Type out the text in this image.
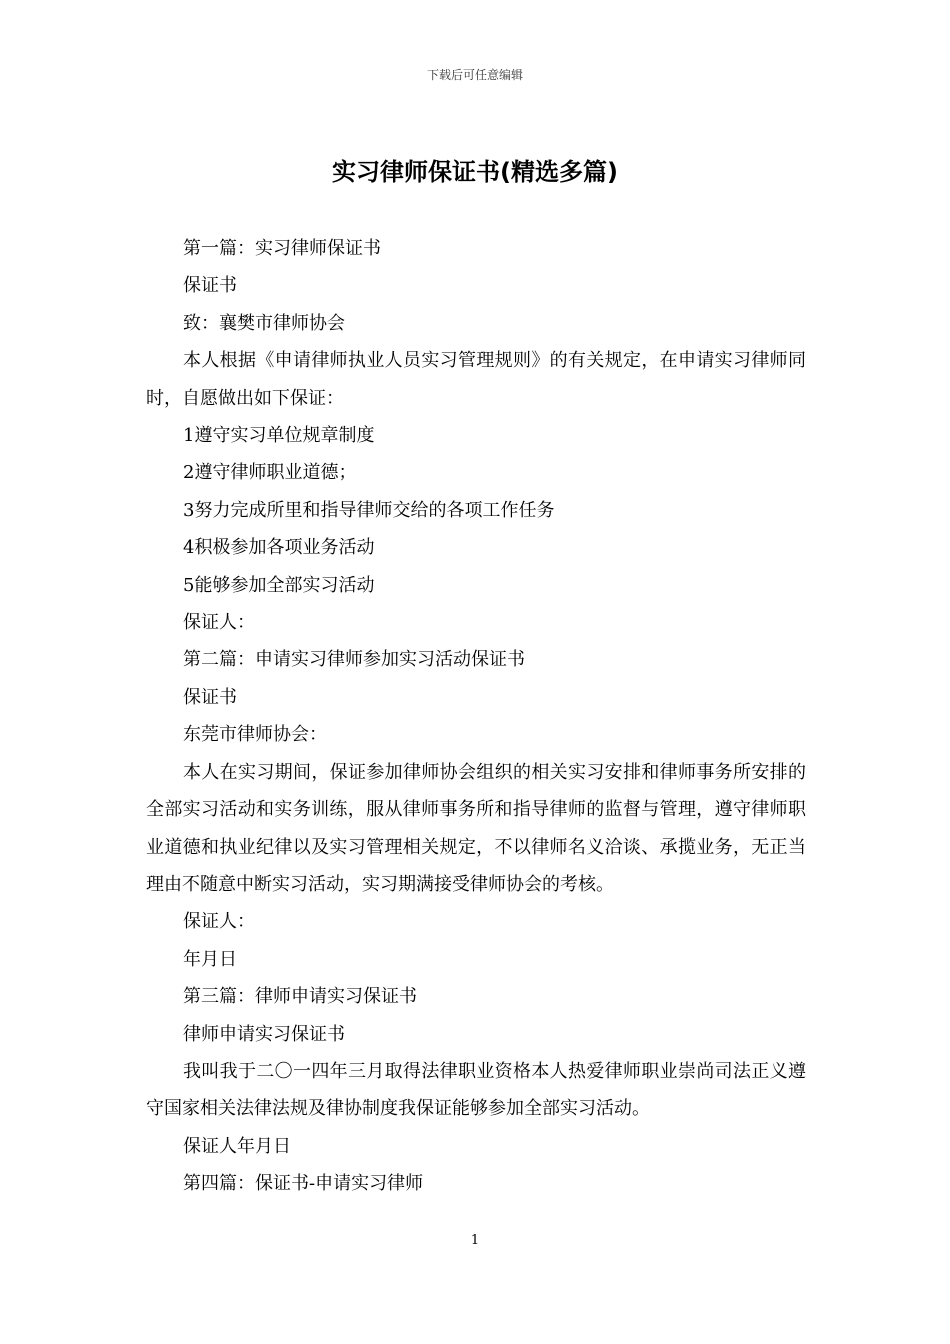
下载后可任意编辑
实习律师保证书(精选多篇)

第一篇：实习律师保证书

保证书

致：襄樊市律师协会

本人根据《申请律师执业人员实习管理规则》的有关规定，在申请实习律师同时，自愿做出如下保证：

1遵守实习单位规章制度

2遵守律师职业道德；

3努力完成所里和指导律师交给的各项工作任务

4积极参加各项业务活动

5能够参加全部实习活动

保证人：

第二篇：申请实习律师参加实习活动保证书

保证书

东莞市律师协会：

本人在实习期间，保证参加律师协会组织的相关实习安排和律师事务所安排的全部实习活动和实务训练，服从律师事务所和指导律师的监督与管理，遵守律师职业道德和执业纪律以及实习管理相关规定，不以律师名义洽谈、承揽业务，无正当理由不随意中断实习活动，实习期满接受律师协会的考核。

保证人：

年月日

第三篇：律师申请实习保证书

律师申请实习保证书

我叫我于二〇一四年三月取得法律职业资格本人热爱律师职业崇尚司法正义遵守国家相关法律法规及律协制度我保证能够参加全部实习活动。

保证人年月日

第四篇：保证书-申请实习律师

1
